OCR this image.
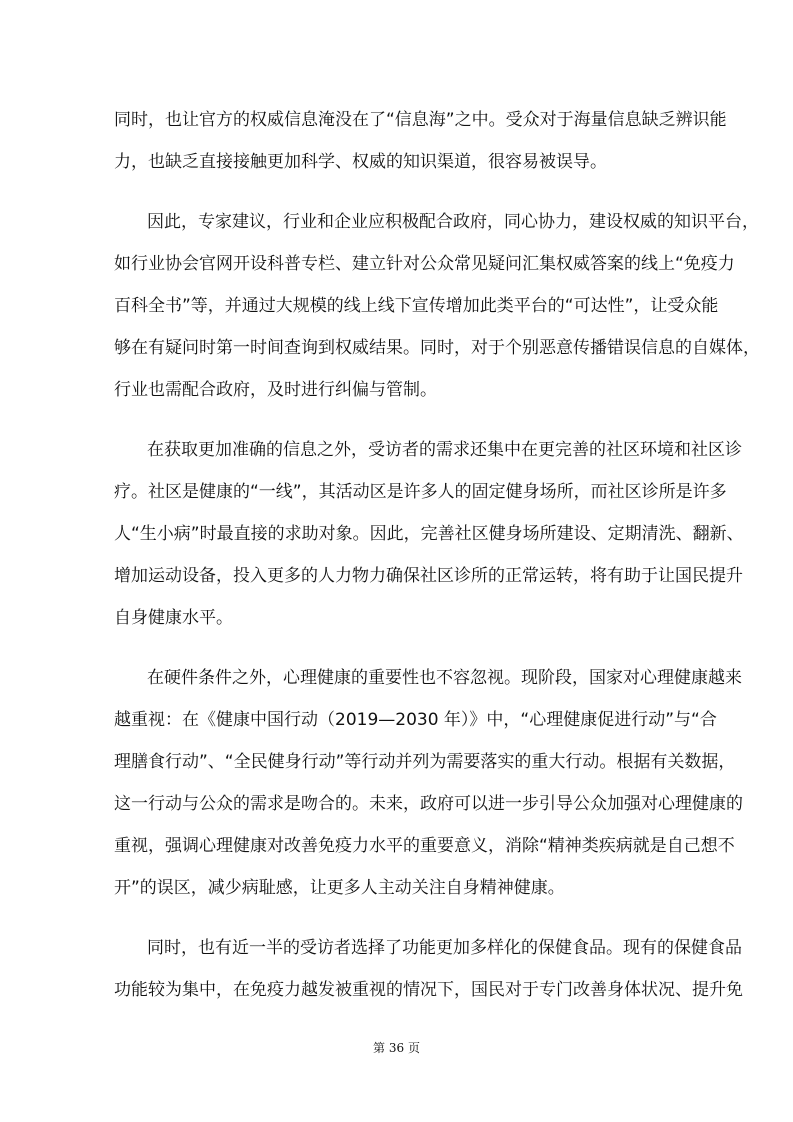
同时，也让官方的权威信息淹没在了“信息海”之中。受众对于海量信息缺乏辨识能
力，也缺乏直接接触更加科学、权威的知识渠道，很容易被误导。
因此，专家建议，行业和企业应积极配合政府，同心协力，建设权威的知识平台，
如行业协会官网开设科普专栏、建立针对公众常见疑问汇集权威答案的线上“免疫力
百科全书”等，并通过大规模的线上线下宣传增加此类平台的“可达性”，让受众能
够在有疑问时第一时间查询到权威结果。同时，对于个别恶意传播错误信息的自媒体，
行业也需配合政府，及时进行纠偏与管制。
在获取更加准确的信息之外，受访者的需求还集中在更完善的社区环境和社区诊
疗。社区是健康的“一线”，其活动区是许多人的固定健身场所，而社区诊所是许多
人“生小病”时最直接的求助对象。因此，完善社区健身场所建设、定期清洗、翻新、
增加运动设备，投入更多的人力物力确保社区诊所的正常运转，将有助于让国民提升
自身健康水平。
在硬件条件之外，心理健康的重要性也不容忽视。现阶段，国家对心理健康越来
越重视：在《健康中国行动（2019—2030 年）》中，“心理健康促进行动”与“合
理膳食行动”、“全民健身行动”等行动并列为需要落实的重大行动。根据有关数据，
这一行动与公众的需求是吻合的。未来，政府可以进一步引导公众加强对心理健康的
重视，强调心理健康对改善免疫力水平的重要意义，消除“精神类疾病就是自己想不
开”的误区，减少病耻感，让更多人主动关注自身精神健康。
同时，也有近一半的受访者选择了功能更加多样化的保健食品。现有的保健食品
功能较为集中，在免疫力越发被重视的情况下，国民对于专门改善身体状况、提升免
第 36 页
